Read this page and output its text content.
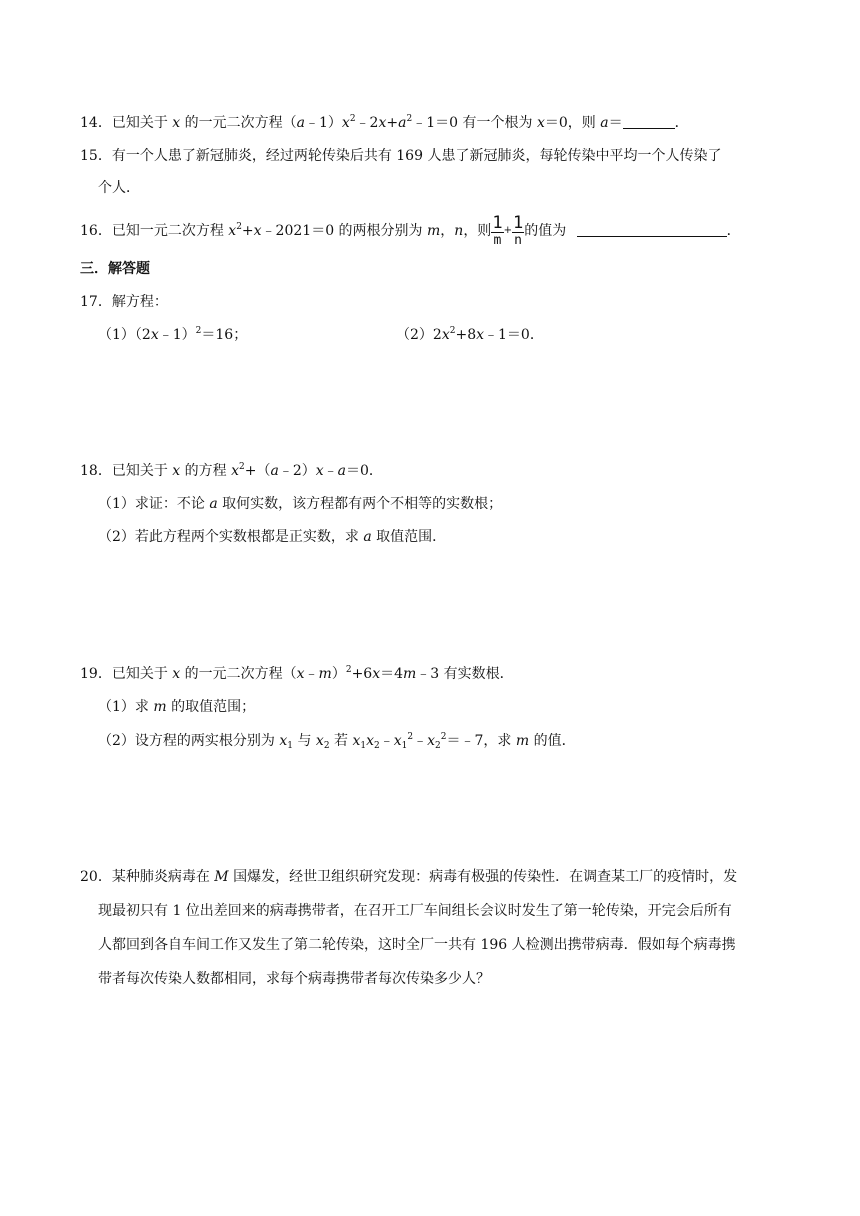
14．已知关于 x 的一元二次方程$(a﹣1)x^2﹣2x+a^2﹣1=0$ 有一个根为 x＝0，则 a＝	．
15．有一个人患了新冠肺炎，经过两轮传染后共有 169 人患了新冠肺炎，每轮传染中平均一个人传染了
个人．
16．已知一元二次方程 $x^2+x﹣2021=0$ 的两根分别为 m，n，则 $\frac{1}{m} + \frac{1}{n}$ 的值为	．
三．解答题
17．解方程：
（1）（2x﹣1）$^2$＝16；	$(2)2x^2+8x﹣1=0$．
18．已知关于 x 的方程 $x^2+(a﹣2)x﹣a=0$．
（1）求证：不论 a 取何实数，该方程都有两个不相等的实数根；
（2）若此方程两个实数根都是正实数，求 a 取值范围．
19．已知关于 x 的一元二次方程（x﹣m）$^2$+6x＝4m﹣3 有实数根．
（1）求 m 的取值范围；
（2）设方程的两实根分别为 $x_1$ 与 $x_2$ 若 $x_1x_2﹣x_1^2﹣x_2^2=﹣7$，求 m 的值．
20．某种肺炎病毒在 M 国爆发，经世卫组织研究发现：病毒有极强的传染性．在调查某工厂的疫情时，发
现最初只有 1 位出差回来的病毒携带者，在召开工厂车间组长会议时发生了第一轮传染，开完会后所有
人都回到各自车间工作又发生了第二轮传染，这时全厂一共有 196 人检测出携带病毒．假如每个病毒携
带者每次传染人数都相同，求每个病毒携带者每次传染多少人？
